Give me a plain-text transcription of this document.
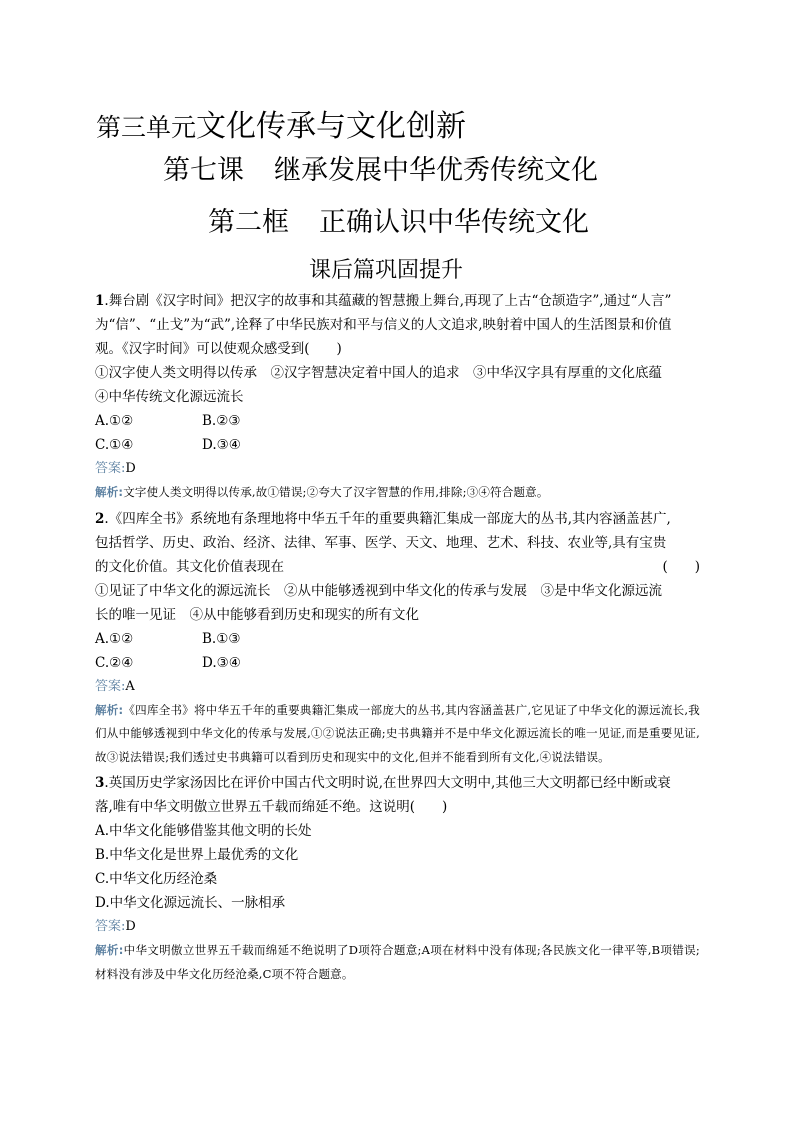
第三单元文化传承与文化创新
第七课 继承发展中华优秀传统文化
第二框 正确认识中华传统文化
课后篇巩固提升
1.舞台剧《汉字时间》把汉字的故事和其蕴藏的智慧搬上舞台,再现了上古“仓颉造字”,通过“人言”
为“信”、“止戈”为“武”,诠释了中华民族对和平与信义的人文追求,映射着中国人的生活图景和价值
观。《汉字时间》可以使观众感受到(　　)
①汉字使人类文明得以传承　②汉字智慧决定着中国人的追求　③中华汉字具有厚重的文化底蕴
④中华传统文化源远流长
A.①②	B.②③
C.①④	D.③④
答案:D
解析:文字使人类文明得以传承,故①错误;②夸大了汉字智慧的作用,排除;③④符合题意。
2.《四库全书》系统地有条理地将中华五千年的重要典籍汇集成一部庞大的丛书,其内容涵盖甚广,
包括哲学、历史、政治、经济、法律、军事、医学、天文、地理、艺术、科技、农业等,具有宝贵
的文化价值。其文化价值表现在	(　　)
①见证了中华文化的源远流长　②从中能够透视到中华文化的传承与发展　③是中华文化源远流
长的唯一见证　④从中能够看到历史和现实的所有文化
A.①②	B.①③
C.②④	D.③④
答案:A
解析:《四库全书》将中华五千年的重要典籍汇集成一部庞大的丛书,其内容涵盖甚广,它见证了中华文化的源远流长,我们从中能够透视到中华文化的传承与发展,①②说法正确;史书典籍并不是中华文化源远流长的唯一见证,而是重要见证,故③说法错误;我们透过史书典籍可以看到历史和现实中的文化,但并不能看到所有文化,④说法错误。
3.英国历史学家汤因比在评价中国古代文明时说,在世界四大文明中,其他三大文明都已经中断或衰
落,唯有中华文明傲立世界五千载而绵延不绝。这说明(　　)
A.中华文化能够借鉴其他文明的长处
B.中华文化是世界上最优秀的文化
C.中华文化历经沧桑
D.中华文化源远流长、一脉相承
答案:D
解析:中华文明傲立世界五千载而绵延不绝说明了D项符合题意;A项在材料中没有体现;各民族文化一律平等,B项错误;材料没有涉及中华文化历经沧桑,C项不符合题意。
